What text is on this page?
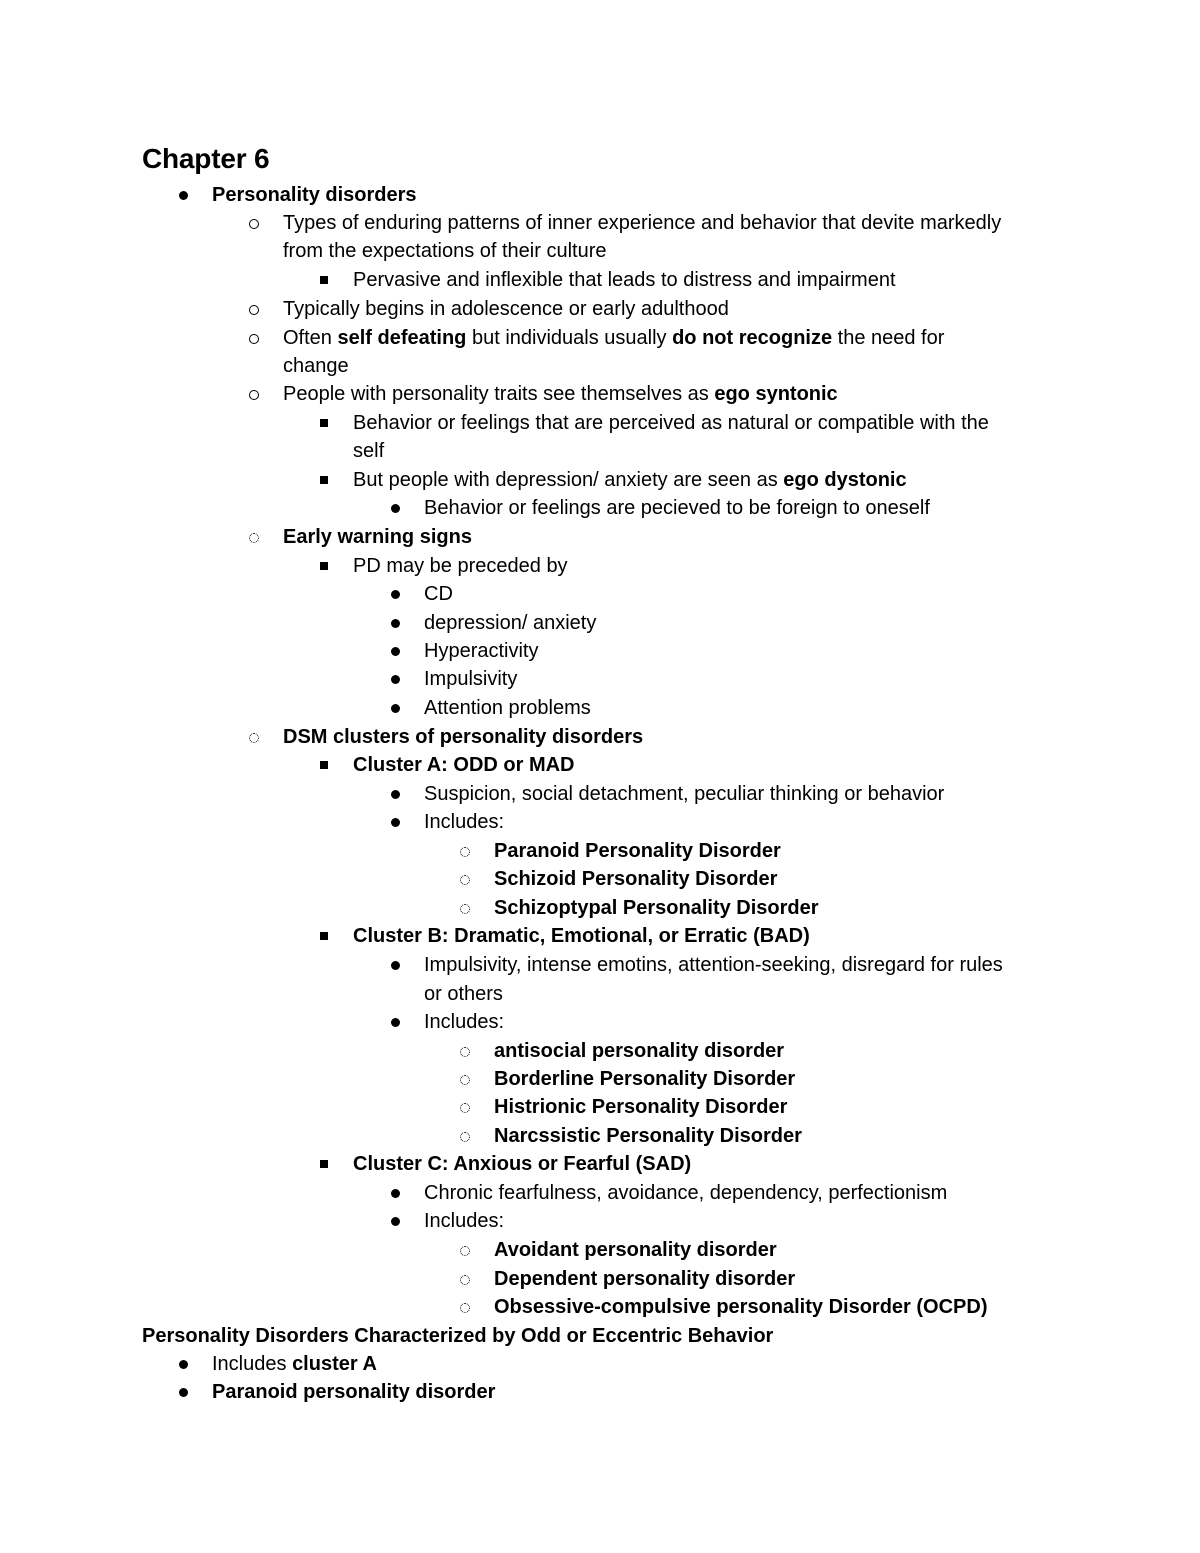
Chapter 6
Personality disorders
Types of enduring patterns of inner experience and behavior that devite markedly
from the expectations of their culture
Pervasive and inflexible that leads to distress and impairment
Typically begins in adolescence or early adulthood
Often self defeating but individuals usually do not recognize the need for
change
People with personality traits see themselves as ego syntonic
Behavior or feelings that are perceived as natural or compatible with the
self
But people with depression/ anxiety are seen as ego dystonic
Behavior or feelings are pecieved to be foreign to oneself
Early warning signs
PD may be preceded by
CD
depression/ anxiety
Hyperactivity
Impulsivity
Attention problems
DSM clusters of personality disorders
Cluster A: ODD or MAD
Suspicion, social detachment, peculiar thinking or behavior
Includes:
Paranoid Personality Disorder
Schizoid Personality Disorder
Schizoptypal Personality Disorder
Cluster B: Dramatic, Emotional, or Erratic (BAD)
Impulsivity, intense emotins, attention-seeking, disregard for rules
or others
Includes:
antisocial personality disorder
Borderline Personality Disorder
Histrionic Personality Disorder
Narcssistic Personality Disorder
Cluster C: Anxious or Fearful (SAD)
Chronic fearfulness, avoidance, dependency, perfectionism
Includes:
Avoidant personality disorder
Dependent personality disorder
Obsessive-compulsive personality Disorder (OCPD)
Personality Disorders Characterized by Odd or Eccentric Behavior
Includes cluster A
Paranoid personality disorder
